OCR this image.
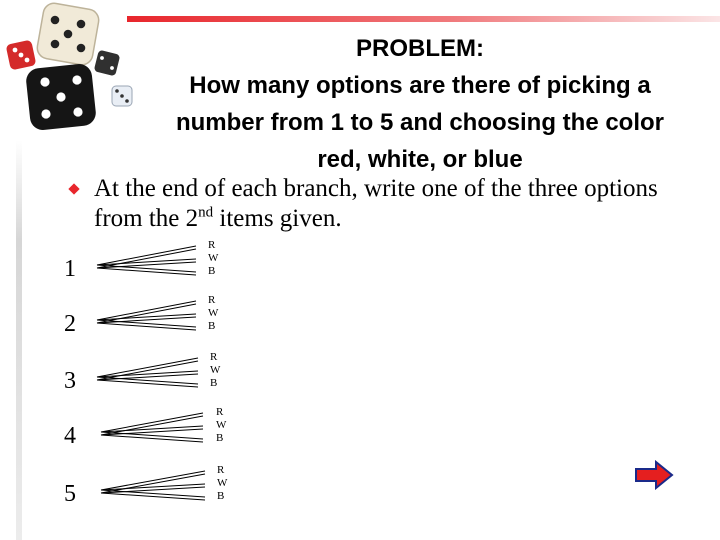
PROBLEM:
How many options are there of picking a
number from 1 to 5 and choosing the color
red, white, or blue
At the end of each branch, write one of the three options from the 2nd items given.
1
R
W
B
2
R
W
B
3
R
W
B
4
R
W
B
5
R
W
B
